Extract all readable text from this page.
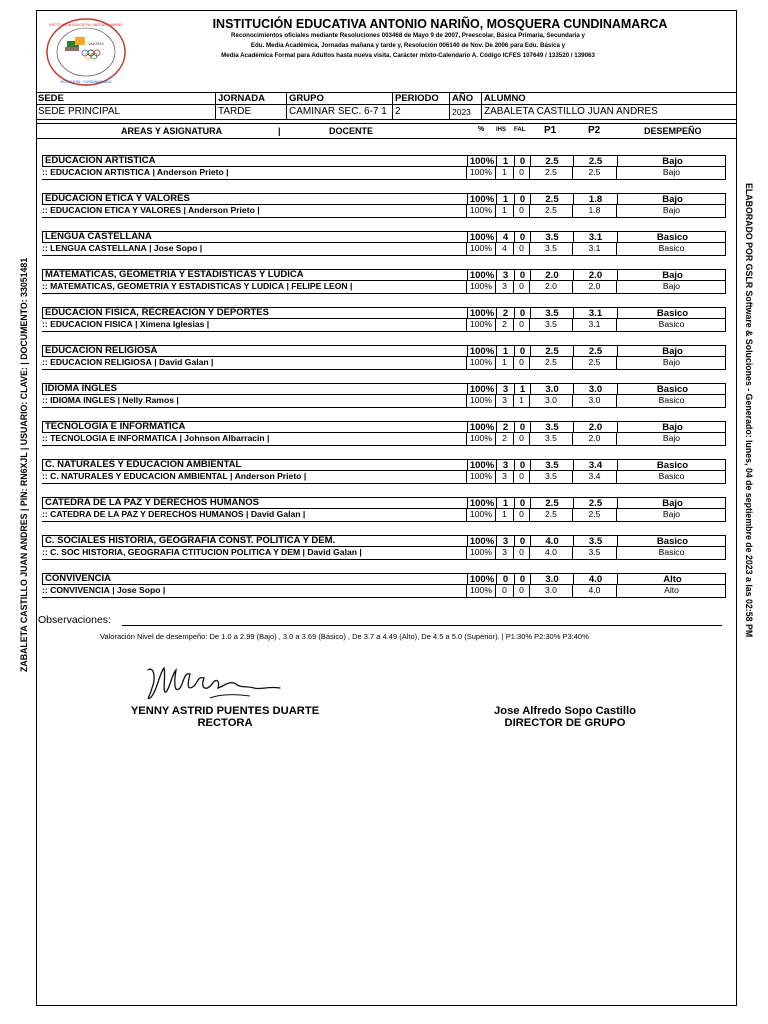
INSTITUCIÓN EDUCATIVA ANTONIO NARIÑO
MOSQUERA - CUNDINAMARCA
VALORES
INSTITUCIÓN EDUCATIVA ANTONIO NARIÑO, MOSQUERA CUNDINAMARCA
Reconocimientos oficiales mediante Resoluciones 003468 de Mayo 9 de 2007, Preescolar, Básica Primaria, Secundaria y
Edu. Media Académica, Jornadas mañana y tarde y, Resolución 006140 de Nov. De 2006 para Edu. Básica y
Media Académica Formal para Adultos hasta nueva visita. Carácter mixto-Calendario A. Código ICFES 107649 / 133520 / 139063
SEDE
SEDE PRINCIPAL
JORNADA
TARDE
GRUPO
CAMINAR SEC. 6-7 1
PERIODO
2
AÑO
2023
ALUMNO
ZABALETA CASTILLO JUAN ANDRES
AREAS Y ASIGNATURA	|	DOCENTE	% IHS FAL P1	P2	DESEMPEÑO
EDUCACION ARTISTICA	100% 1	0	2.5	2.5	Bajo
:: EDUCACION ARTISTICA | Anderson Prieto |	100%	1	0	2.5	2.5	Bajo
EDUCACION ETICA Y VALORES	100% 1	0	2.5	1.8	Bajo
:: EDUCACION ETICA Y VALORES | Anderson Prieto |	100%	1	0	2.5	1.8	Bajo
LENGUA CASTELLANA	100% 4	0	3.5	3.1	Basico
:: LENGUA CASTELLANA | Jose Sopo |	100%	4	0	3.5	3.1	Basico
MATEMATICAS, GEOMETRIA Y ESTADISTICAS Y LUDICA	100% 3	0	2.0	2.0	Bajo
:: MATEMATICAS, GEOMETRIA Y ESTADISTICAS Y LUDICA | FELIPE LEON |	100%	3	0	2.0	2.0	Bajo
EDUCACION FISICA, RECREACION Y DEPORTES	100% 2	0	3.5	3.1	Basico
:: EDUCACION FISICA | Ximena Iglesias |	100%	2	0	3.5	3.1	Basico
EDUCACION RELIGIOSA	100% 1	0	2.5	2.5	Bajo
:: EDUCACION RELIGIOSA | David Galan |	100%	1	0	2.5	2.5	Bajo
IDIOMA INGLES	100% 3	1	3.0	3.0	Basico
:: IDIOMA INGLES | Nelly Ramos |	100%	3	1	3.0	3.0	Basico
TECNOLOGIA E INFORMATICA	100% 2	0	3.5	2.0	Bajo
:: TECNOLOGIA E INFORMATICA | Johnson Albarracin |	100%	2	0	3.5	2.0	Bajo
C. NATURALES Y EDUCACION AMBIENTAL	100% 3	0	3.5	3.4	Basico
:: C. NATURALES Y EDUCACION AMBIENTAL | Anderson Prieto |	100%	3	0	3.5	3.4	Basico
CATEDRA DE LA PAZ Y DERECHOS HUMANOS	100% 1	0	2.5	2.5	Bajo
:: CATEDRA DE LA PAZ Y DERECHOS HUMANOS | David Galan |	100%	1	0	2.5	2.5	Bajo
C. SOCIALES HISTORIA, GEOGRAFIA CONST. POLITICA Y DEM.	100% 3	0	4.0	3.5	Basico
:: C. SOC HISTORIA, GEOGRAFIA CTITUCION POLITICA Y DEM | David Galan |	100%	3	0	4.0	3.5	Basico
CONVIVENCIA	100% 0	0	3.0	4.0	Alto
:: CONVIVENCIA | Jose Sopo |	100%	0	0	3.0	4.0	Alto
Observaciones:
Valoración Nivel de desempeño: De 1.0 a 2.99 (Bajo) , 3.0 a 3.69 (Básico) , De 3.7 a 4.49 (Alto), De 4.5 a 5.0 (Superior). | P1:30% P2:30% P3:40%
YENNY ASTRID PUENTES DUARTE
RECTORA
Jose Alfredo Sopo Castillo
DIRECTOR DE GRUPO
ZABALETA CASTILLO JUAN ANDRES | PIN: RN6XJL | USUARIO: CLAVE: | DOCUMENTO: 33051481	ELABORADO POR GSLR Software & Soluciones - Generado: lunes, 04 de septiembre de 2023 a las 02:58 PM
